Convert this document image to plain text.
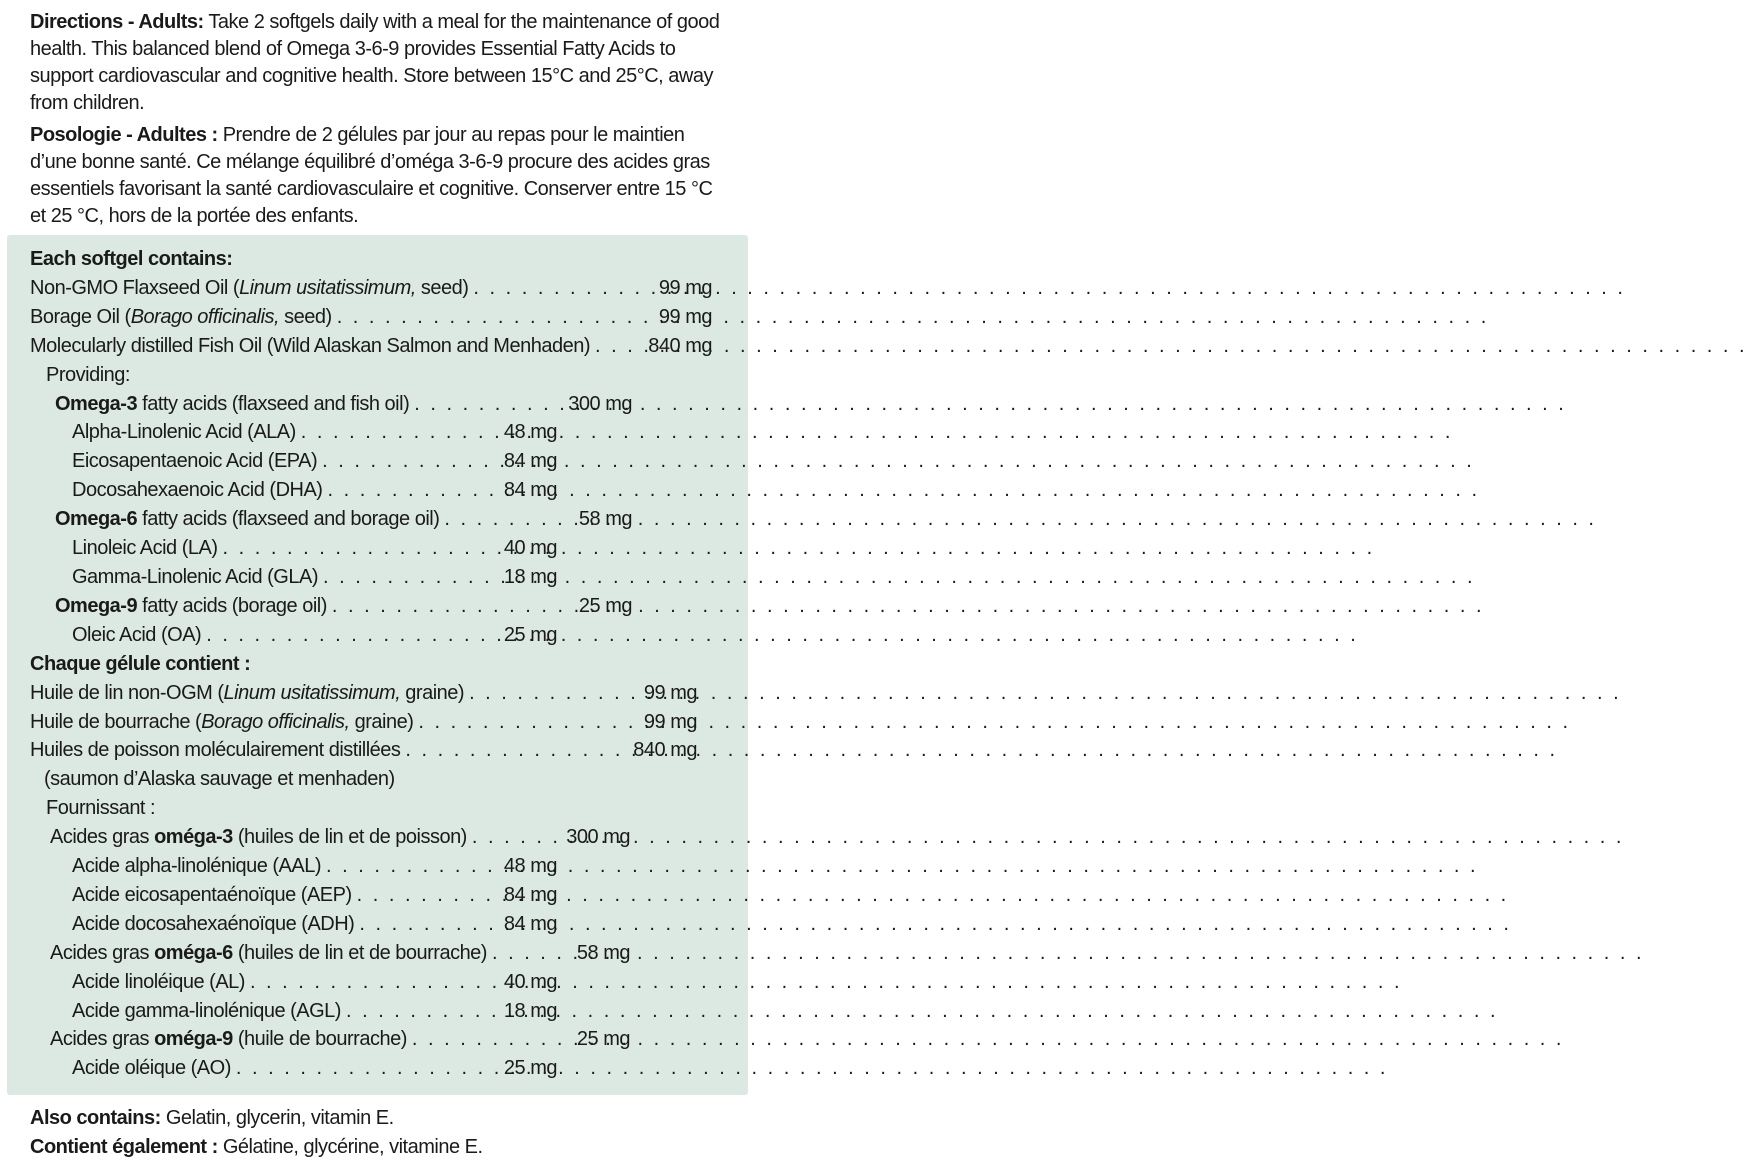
Directions - Adults: Take 2 softgels daily with a meal for the maintenance of good health. This balanced blend of Omega 3-6-9 provides Essential Fatty Acids to support cardiovascular and cognitive health. Store between 15°C and 25°C, away from children.

Posologie - Adultes : Prendre de 2 gélules par jour au repas pour le maintien d’une bonne santé. Ce mélange équilibré d’oméga 3-6-9 procure des acides gras essentiels favorisant la santé cardiovasculaire et cognitive. Conserver entre 15 °C et 25 °C, hors de la portée des enfants.

Each softgel contains:
Non-GMO Flaxseed Oil (Linum usitatissimum, seed) . . .	99 mg
Borage Oil (Borago officinalis, seed) . . .	99 mg
Molecularly distilled Fish Oil (Wild Alaskan Salmon and Menhaden) . . .	840 mg
Providing:
Omega-3 fatty acids (flaxseed and fish oil) . . .	300 mg
Alpha-Linolenic Acid (ALA) . . .	48 mg
Eicosapentaenoic Acid (EPA) . . .	84 mg
Docosahexaenoic Acid (DHA) . . .	84 mg
Omega-6 fatty acids (flaxseed and borage oil) . . .	58 mg
Linoleic Acid (LA) . . .	40 mg
Gamma-Linolenic Acid (GLA) . . .	18 mg
Omega-9 fatty acids (borage oil) . . .	25 mg
Oleic Acid (OA) . . .	25 mg
Chaque gélule contient :
Huile de lin non-OGM (Linum usitatissimum, graine) . . .	99 mg
Huile de bourrache (Borago officinalis, graine) . . .	99 mg
Huiles de poisson moléculairement distillées . . .	840 mg
(saumon d’Alaska sauvage et menhaden)
Fournissant :
Acides gras oméga-3 (huiles de lin et de poisson) . . .	300 mg
Acide alpha-linolénique (AAL) . . .	48 mg
Acide eicosapentaénoïque (AEP) . . .	84 mg
Acide docosahexaénoïque (ADH) . . .	84 mg
Acides gras oméga-6 (huiles de lin et de bourrache) . . .	58 mg
Acide linoléique (AL) . . .	40 mg
Acide gamma-linolénique (AGL) . . .	18 mg
Acides gras oméga-9 (huile de bourrache) . . .	25 mg
Acide oléique (AO) . . .	25 mg

Also contains: Gelatin, glycerin, vitamin E.

Contient également : Gélatine, glycérine, vitamine E.
